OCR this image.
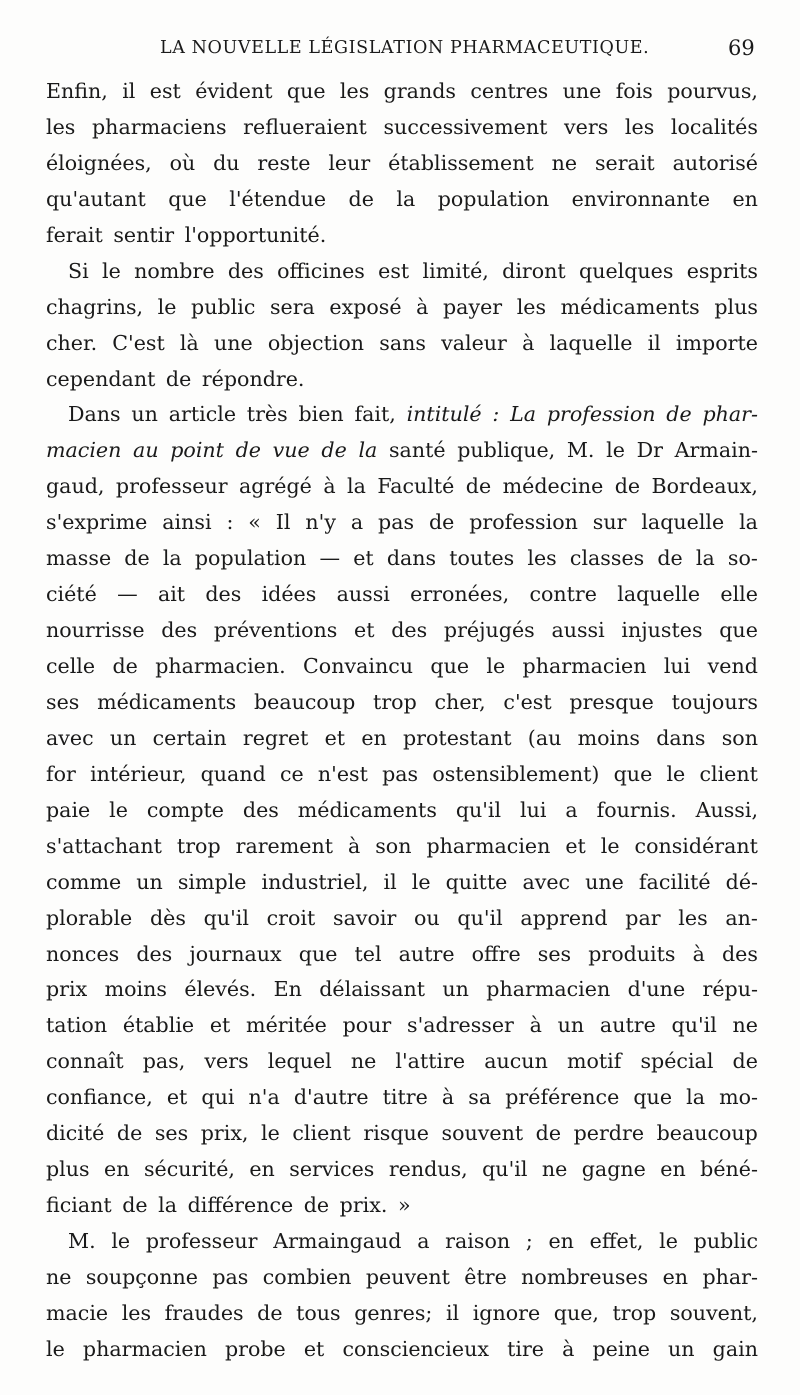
LA NOUVELLE LÉGISLATION PHARMACEUTIQUE.	69
Enfin, il est évident que les grands centres une fois pourvus,
les pharmaciens reflueraient successivement vers les localités
éloignées, où du reste leur établissement ne serait autorisé
qu'autant que l'étendue de la population environnante en
ferait sentir l'opportunité.
Si le nombre des officines est limité, diront quelques esprits
chagrins, le public sera exposé à payer les médicaments plus
cher. C'est là une objection sans valeur à laquelle il importe
cependant de répondre.
Dans un article très bien fait, intitulé : La profession de phar-
macien au point de vue de la santé publique, M. le Dr Armain-
gaud, professeur agrégé à la Faculté de médecine de Bordeaux,
s'exprime ainsi : « Il n'y a pas de profession sur laquelle la
masse de la population — et dans toutes les classes de la so-
ciété — ait des idées aussi erronées, contre laquelle elle
nourrisse des préventions et des préjugés aussi injustes que
celle de pharmacien. Convaincu que le pharmacien lui vend
ses médicaments beaucoup trop cher, c'est presque toujours
avec un certain regret et en protestant (au moins dans son
for intérieur, quand ce n'est pas ostensiblement) que le client
paie le compte des médicaments qu'il lui a fournis. Aussi,
s'attachant trop rarement à son pharmacien et le considérant
comme un simple industriel, il le quitte avec une facilité dé-
plorable dès qu'il croit savoir ou qu'il apprend par les an-
nonces des journaux que tel autre offre ses produits à des
prix moins élevés. En délaissant un pharmacien d'une répu-
tation établie et méritée pour s'adresser à un autre qu'il ne
connaît pas, vers lequel ne l'attire aucun motif spécial de
confiance, et qui n'a d'autre titre à sa préférence que la mo-
dicité de ses prix, le client risque souvent de perdre beaucoup
plus en sécurité, en services rendus, qu'il ne gagne en béné-
ficiant de la différence de prix. »
M. le professeur Armaingaud a raison ; en effet, le public
ne soupçonne pas combien peuvent être nombreuses en phar-
macie les fraudes de tous genres; il ignore que, trop souvent,
le pharmacien probe et consciencieux tire à peine un gain
